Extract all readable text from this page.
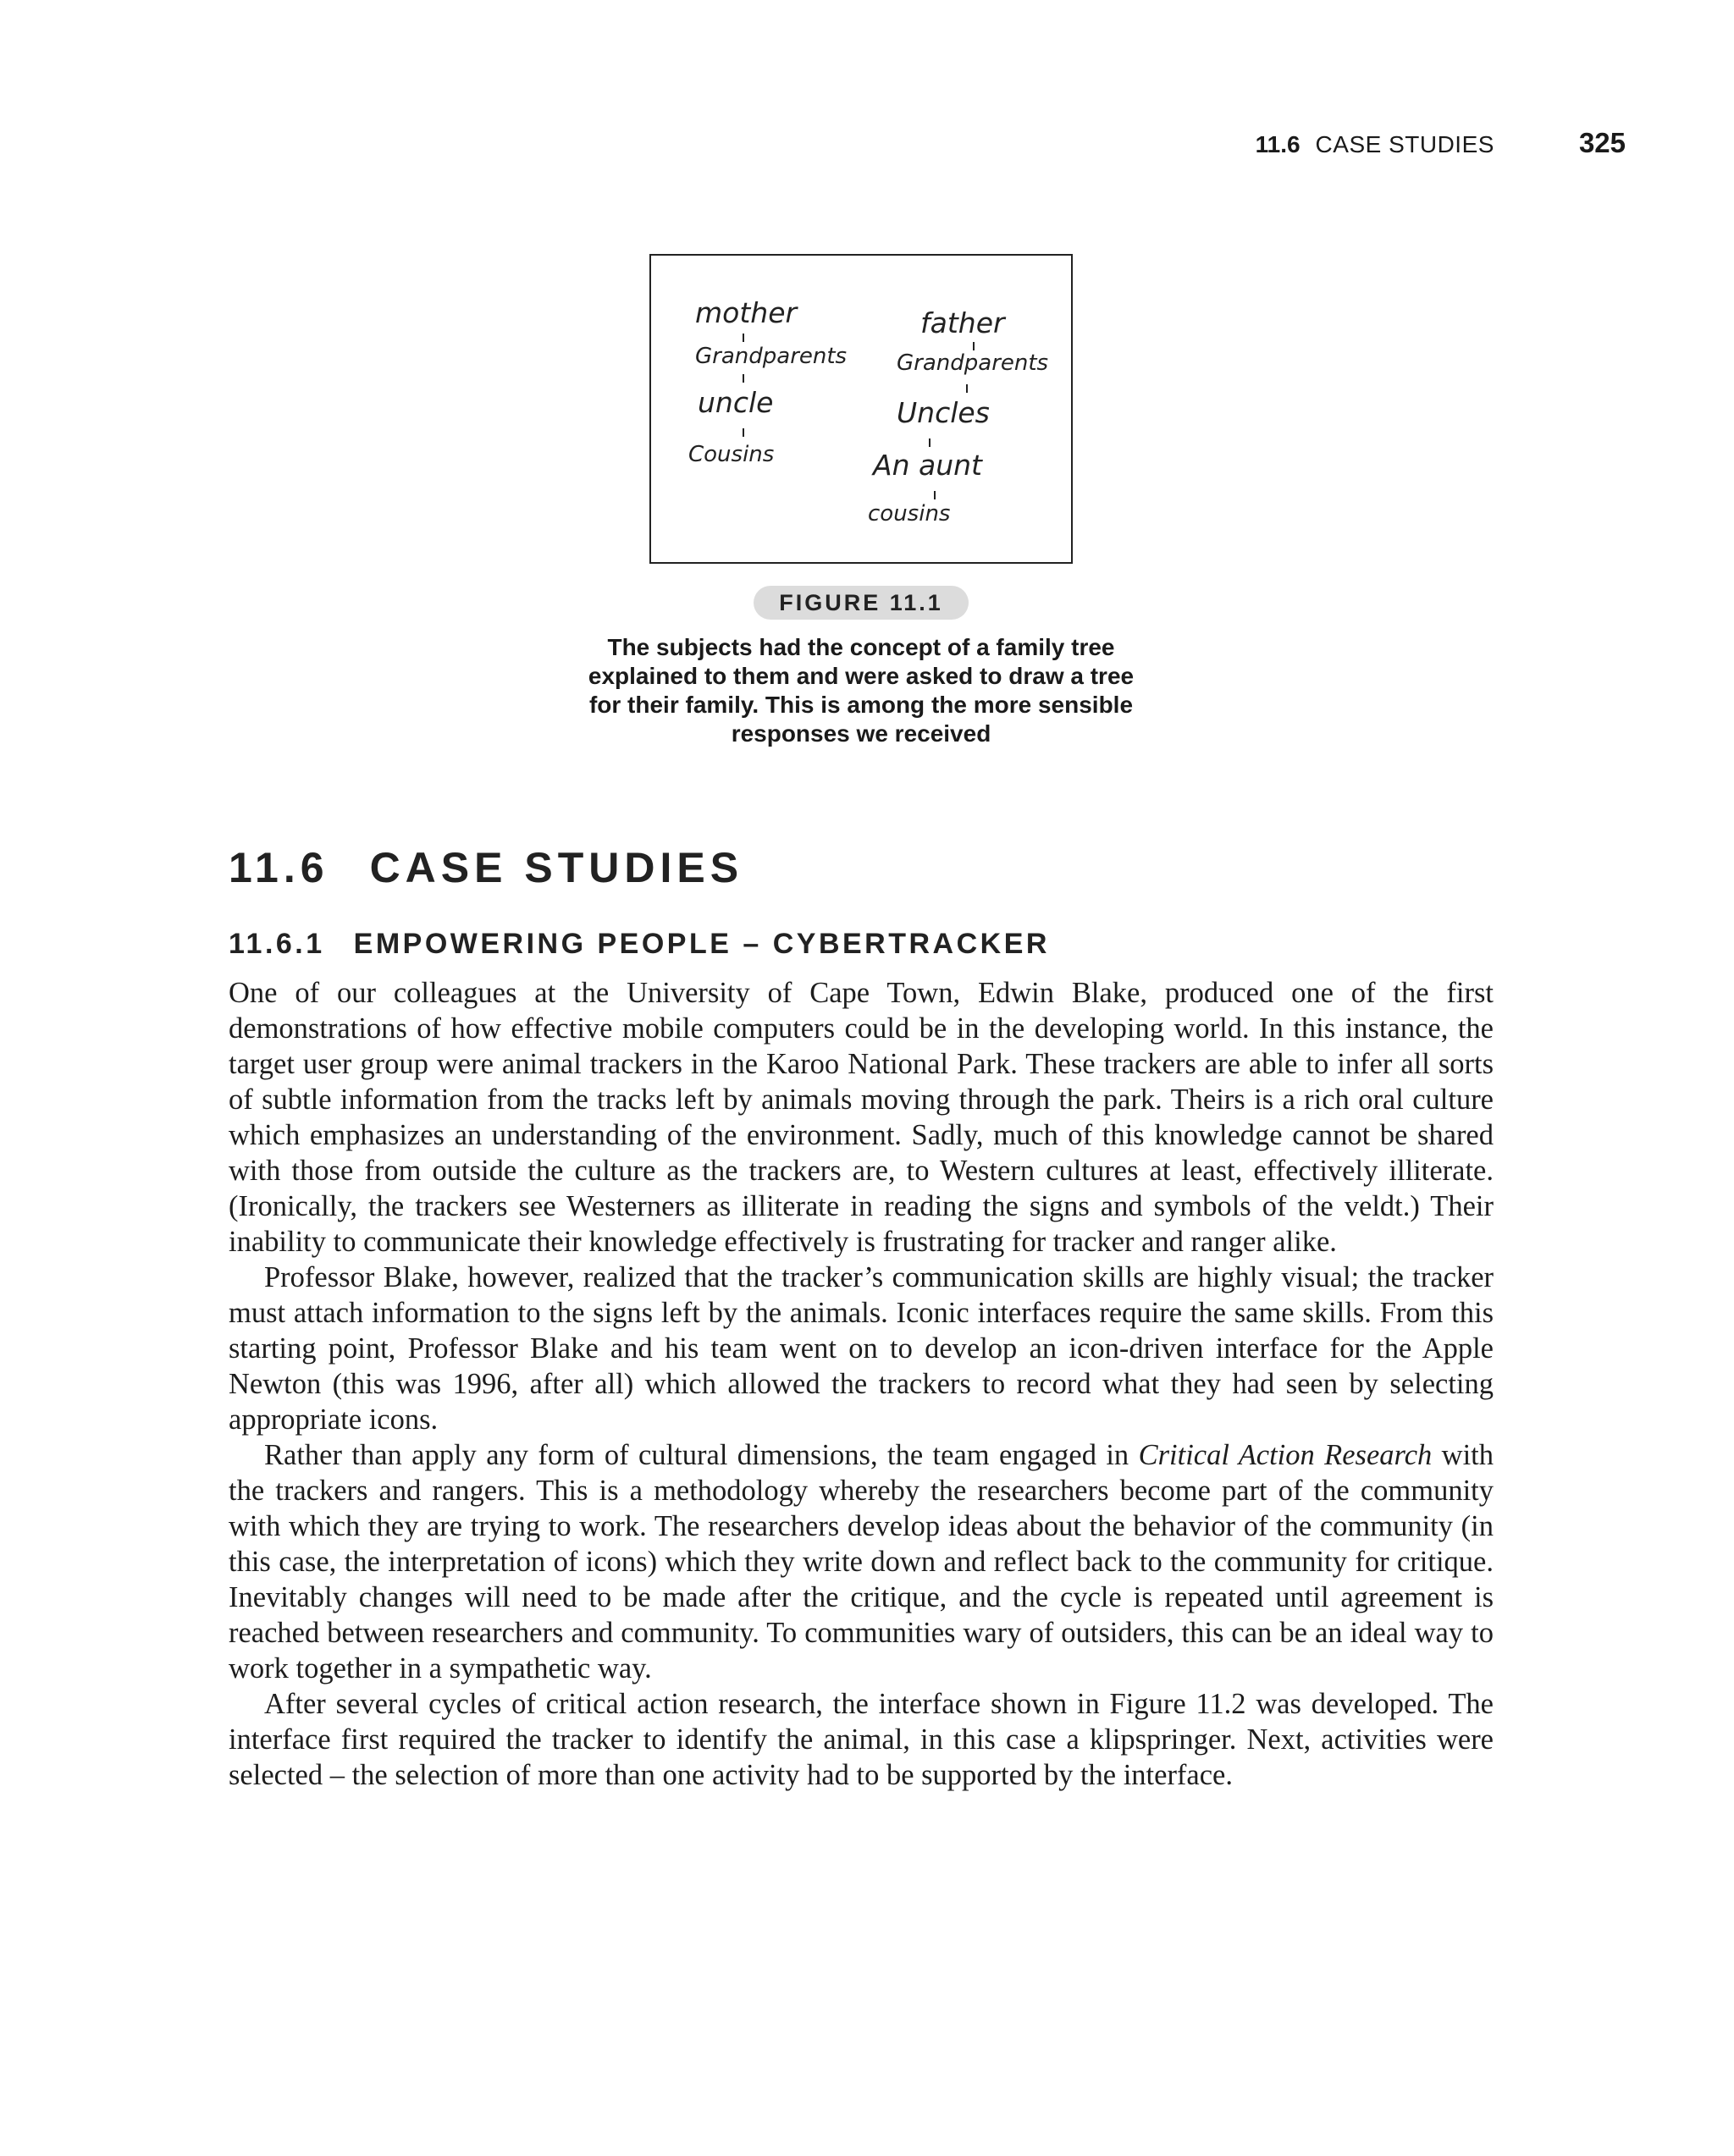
11.6 CASE STUDIES	325
mother
Grandparents
uncle
Cousins
father
Grandparents
Uncles
An aunt
cousins
FIGURE 11.1
The subjects had the concept of a family tree explained to them and were asked to draw a tree for their family. This is among the more sensible responses we received
11.6 CASE STUDIES
11.6.1 EMPOWERING PEOPLE – CYBERTRACKER

One of our colleagues at the University of Cape Town, Edwin Blake, produced one of the first demonstrations of how effective mobile computers could be in the developing world. In this instance, the target user group were animal trackers in the Karoo National Park. These trackers are able to infer all sorts of subtle information from the tracks left by animals moving through the park. Theirs is a rich oral culture which emphasizes an understanding of the environment. Sadly, much of this knowledge cannot be shared with those from outside the culture as the trackers are, to Western cultures at least, effectively illiterate. (Ironically, the trackers see Westerners as illiterate in reading the signs and symbols of the veldt.) Their inability to communicate their knowledge effectively is frustrating for tracker and ranger alike.

Professor Blake, however, realized that the tracker’s communication skills are highly visual; the tracker must attach information to the signs left by the animals. Iconic interfaces require the same skills. From this starting point, Professor Blake and his team went on to develop an icon-driven interface for the Apple Newton (this was 1996, after all) which allowed the trackers to record what they had seen by selecting appropriate icons.

Rather than apply any form of cultural dimensions, the team engaged in Critical Action Research with the trackers and rangers. This is a methodology whereby the researchers become part of the community with which they are trying to work. The researchers develop ideas about the behavior of the community (in this case, the interpretation of icons) which they write down and reflect back to the community for critique. Inevitably changes will need to be made after the critique, and the cycle is repeated until agreement is reached between researchers and community. To communities wary of outsiders, this can be an ideal way to work together in a sympathetic way.

After several cycles of critical action research, the interface shown in Figure 11.2 was developed. The interface first required the tracker to identify the animal, in this case a klipspringer. Next, activities were selected – the selection of more than one activity had to be supported by the interface.
